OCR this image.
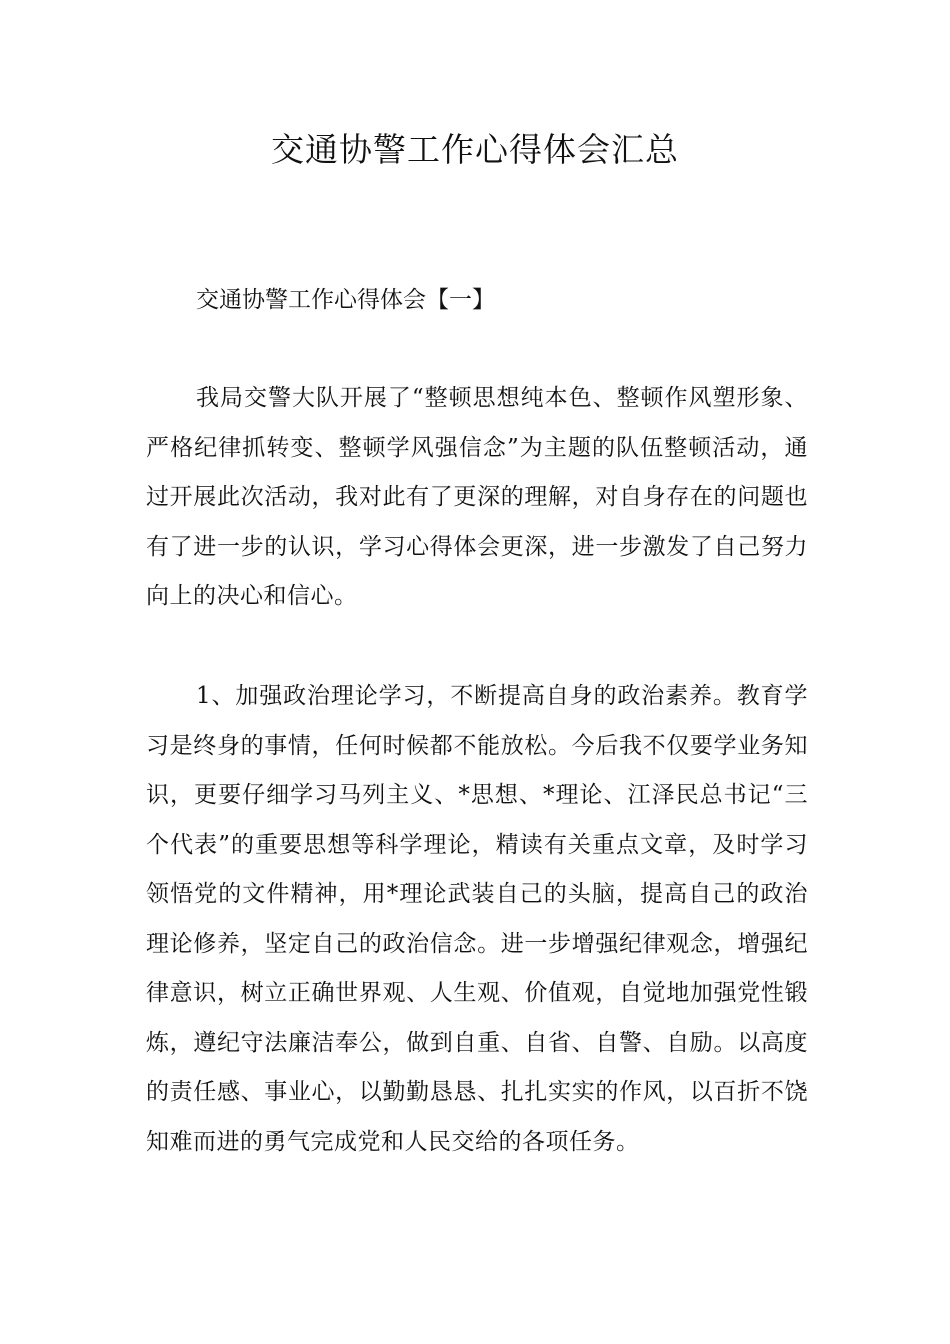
交通协警工作心得体会汇总

交通协警工作心得体会【一】

我局交警大队开展了“整顿思想纯本色、整顿作风塑形象、严格纪律抓转变、整顿学风强信念”为主题的队伍整顿活动，通过开展此次活动，我对此有了更深的理解，对自身存在的问题也有了进一步的认识，学习心得体会更深，进一步激发了自己努力向上的决心和信心。

1、加强政治理论学习，不断提高自身的政治素养。教育学习是终身的事情，任何时候都不能放松。今后我不仅要学业务知识，更要仔细学习马列主义、*思想、*理论、江泽民总书记“三个代表”的重要思想等科学理论，精读有关重点文章，及时学习领悟党的文件精神，用*理论武装自己的头脑，提高自己的政治理论修养，坚定自己的政治信念。进一步增强纪律观念，增强纪律意识，树立正确世界观、人生观、价值观，自觉地加强党性锻炼，遵纪守法廉洁奉公，做到自重、自省、自警、自励。以高度的责任感、事业心，以勤勤恳恳、扎扎实实的作风，以百折不饶知难而进的勇气完成党和人民交给的各项任务。
